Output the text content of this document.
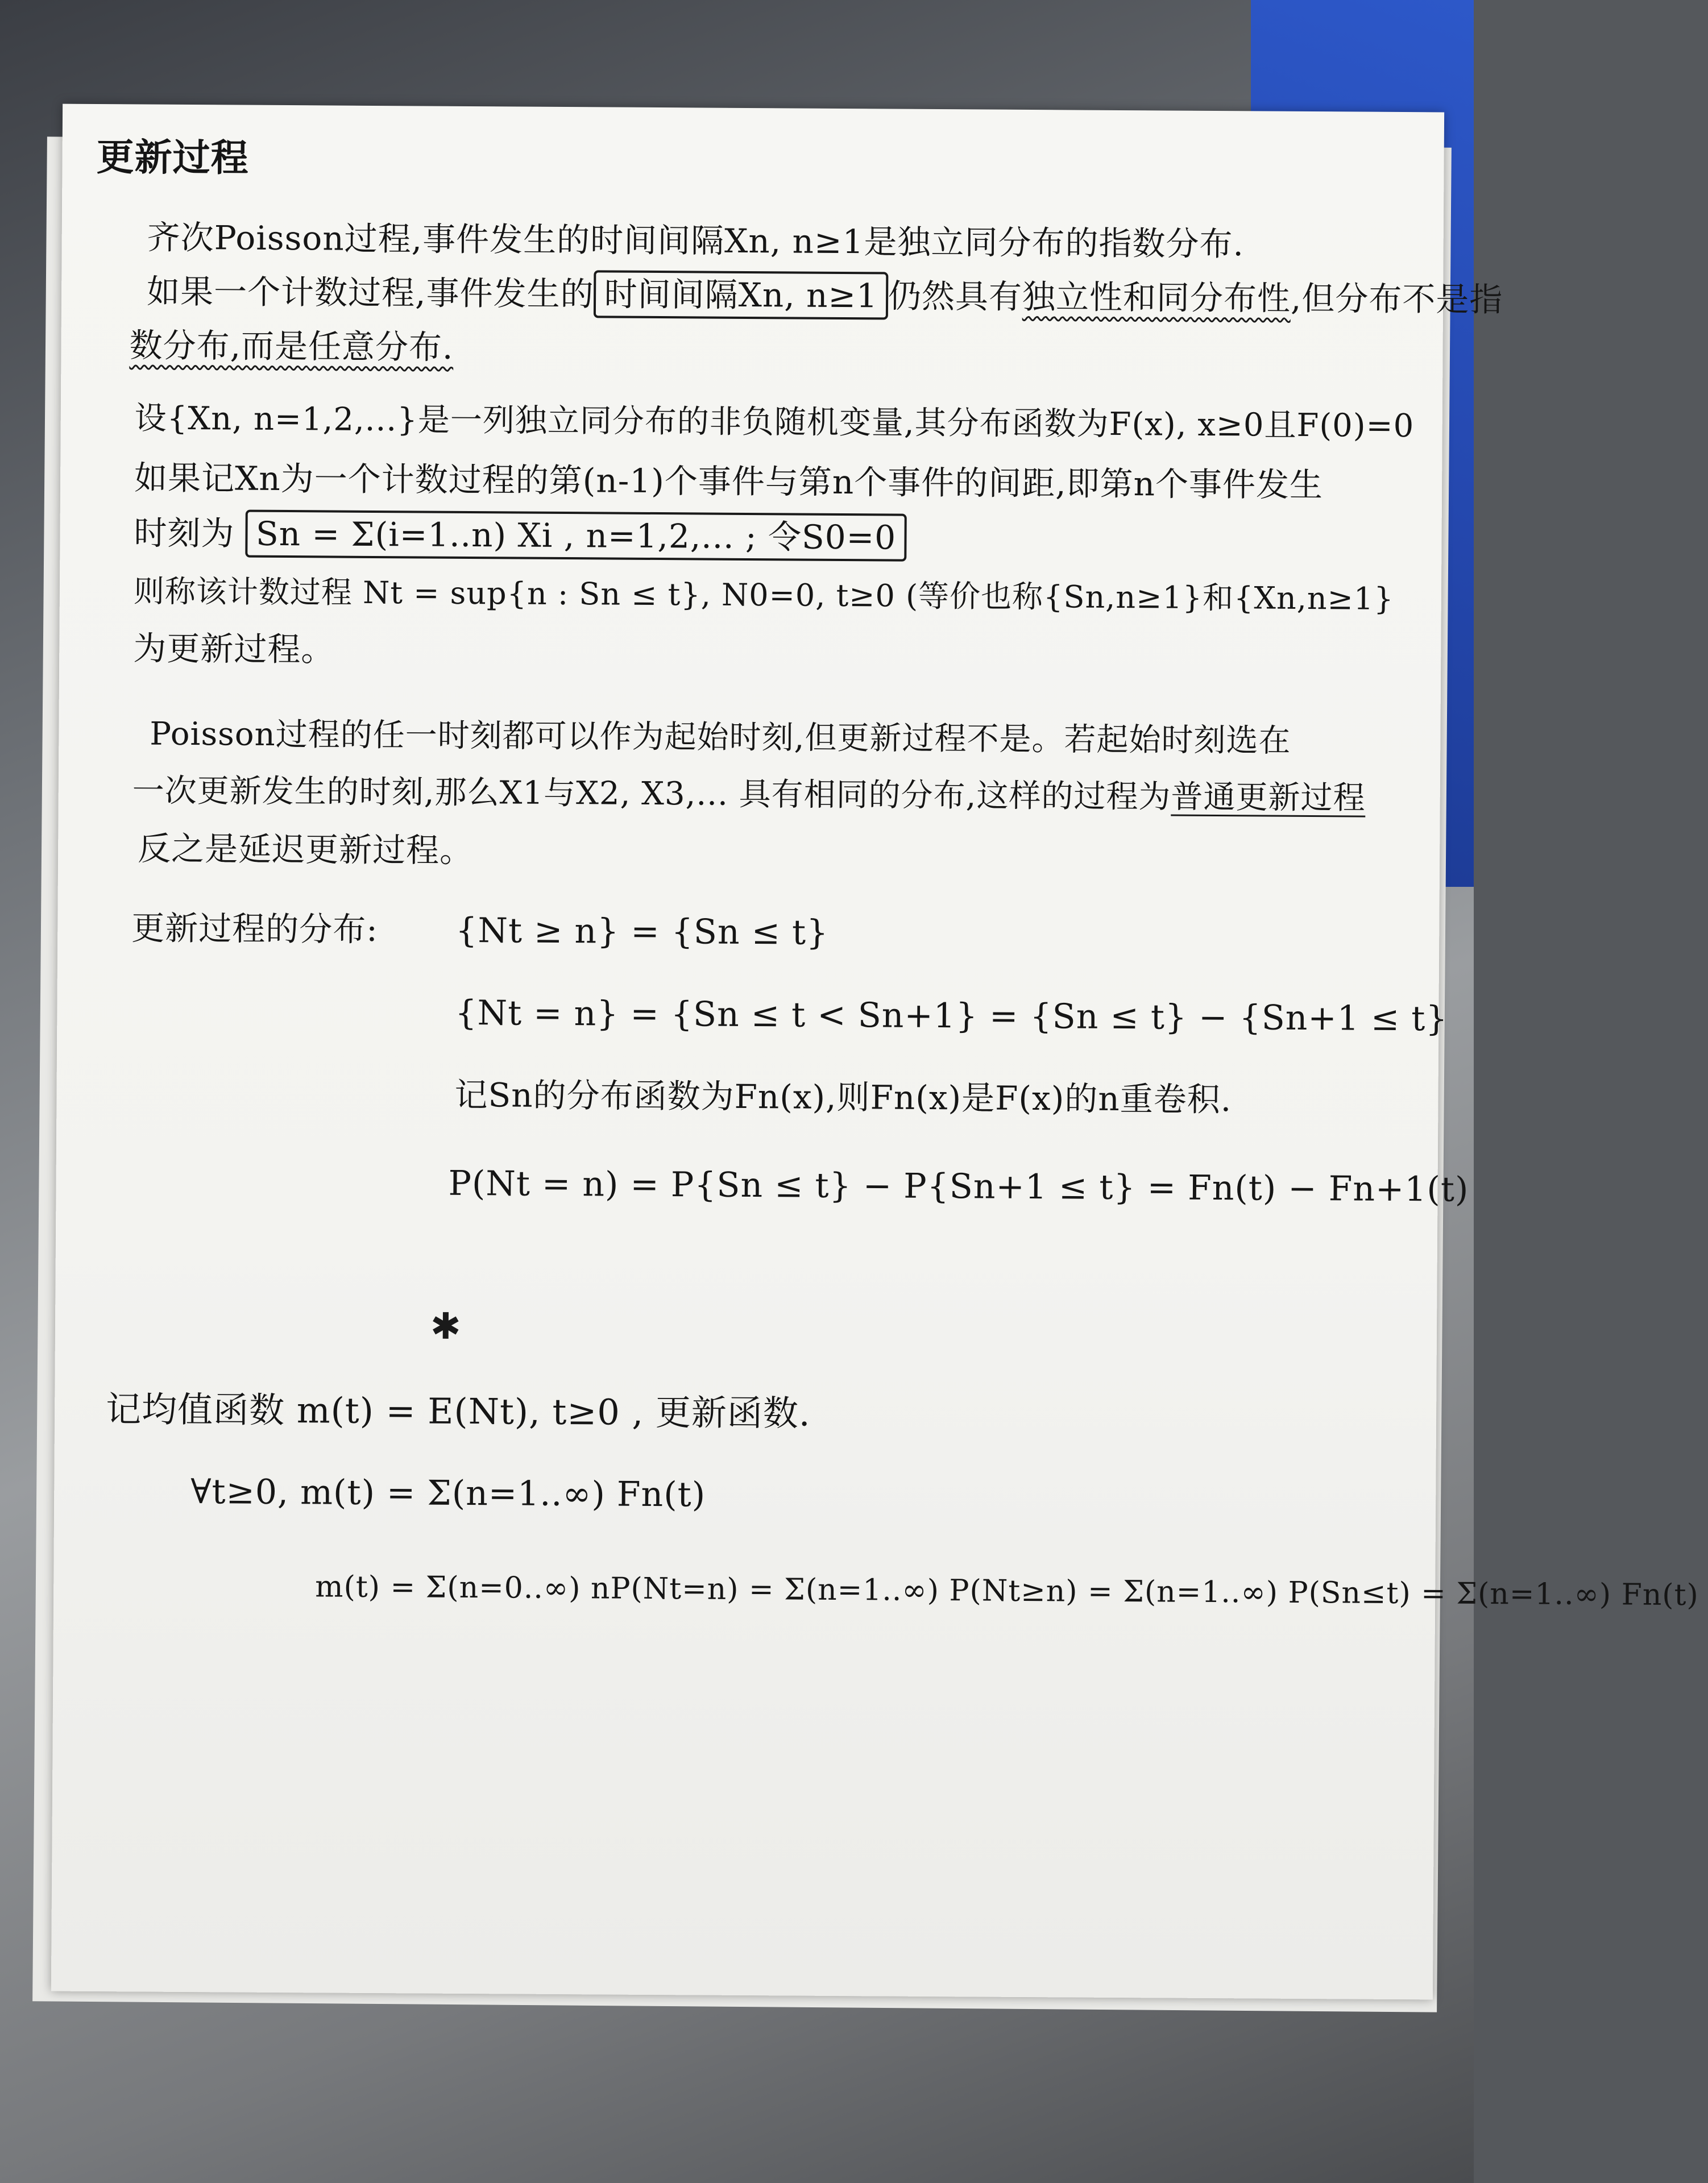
更新过程
齐次Poisson过程,事件发生的时间间隔Xn, n≥1是独立同分布的指数分布.
如果一个计数过程,事件发生的 时间间隔Xn, n≥1 仍然具有独立性和同分布性,但分布不是指
数分布,而是任意分布.
设{Xn, n=1,2,...}是一列独立同分布的非负随机变量,其分布函数为F(x), x≥0且F(0)=0
如果记Xn为一个计数过程的第(n-1)个事件与第n个事件的间距,即第n个事件发生
时刻为 Sn = Σ(i=1..n) Xi , n=1,2,... ; 令S0=0
则称该计数过程 Nt = sup{n : Sn ≤ t}, N0=0, t≥0 (等价也称{Sn,n≥1}和{Xn,n≥1}
为更新过程。
Poisson过程的任一时刻都可以作为起始时刻,但更新过程不是。若起始时刻选在
一次更新发生的时刻,那么X1与X2, X3,... 具有相同的分布,这样的过程为普通更新过程
反之是延迟更新过程。
更新过程的分布: {Nt ≥ n} = {Sn ≤ t}
{Nt = n} = {Sn ≤ t < Sn+1} = {Sn ≤ t} − {Sn+1 ≤ t}
记Sn的分布函数为Fn(x),则Fn(x)是F(x)的n重卷积.
P(Nt = n) = P{Sn ≤ t} − P{Sn+1 ≤ t} = Fn(t) − Fn+1(t)
✱
记均值函数 m(t) = E(Nt), t≥0 , 更新函数.
∀t≥0, m(t) = Σ(n=1..∞) Fn(t)
m(t) = Σ(n=0..∞) nP(Nt=n) = Σ(n=1..∞) P(Nt≥n) = Σ(n=1..∞) P(Sn≤t) = Σ(n=1..∞) Fn(t)
